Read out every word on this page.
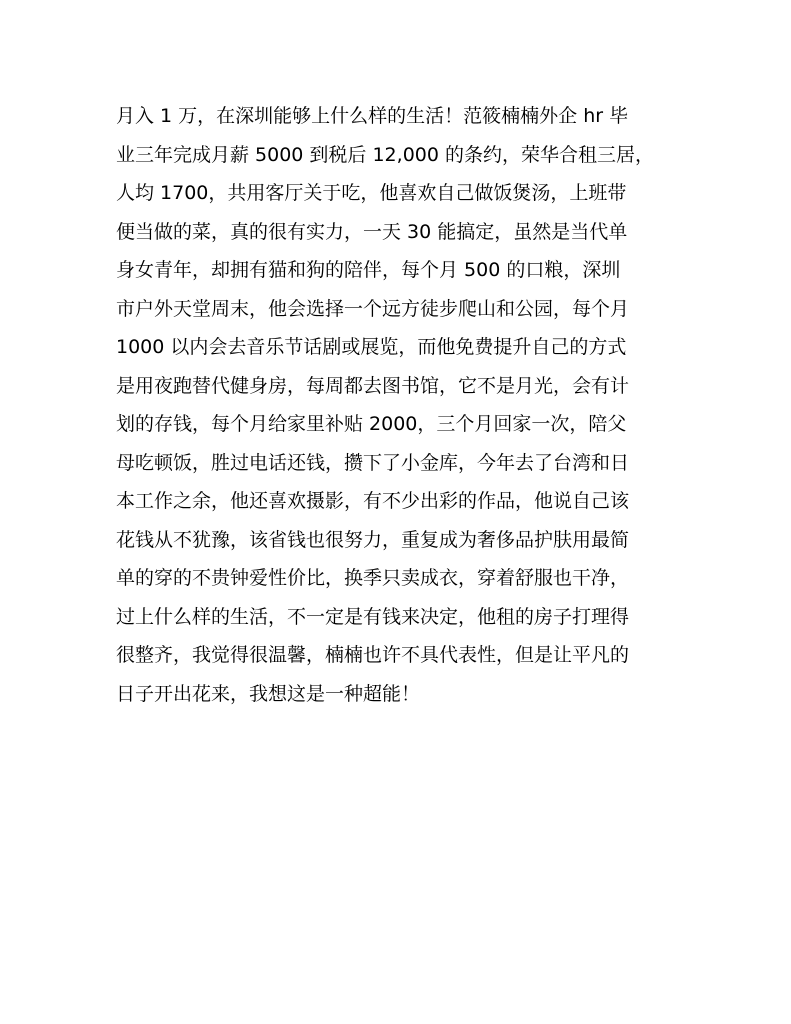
月入 1 万，在深圳能够上什么样的生活！范筱楠楠外企 hr 毕
业三年完成月薪 5000 到税后 12,000 的条约，荣华合租三居，
人均 1700，共用客厅关于吃，他喜欢自己做饭煲汤，上班带
便当做的菜，真的很有实力，一天 30 能搞定，虽然是当代单
身女青年，却拥有猫和狗的陪伴，每个月 500 的口粮，深圳
市户外天堂周末，他会选择一个远方徒步爬山和公园，每个月
1000 以内会去音乐节话剧或展览，而他免费提升自己的方式
是用夜跑替代健身房，每周都去图书馆，它不是月光，会有计
划的存钱，每个月给家里补贴 2000，三个月回家一次，陪父
母吃顿饭，胜过电话还钱，攒下了小金库，今年去了台湾和日
本工作之余，他还喜欢摄影，有不少出彩的作品，他说自己该
花钱从不犹豫，该省钱也很努力，重复成为奢侈品护肤用最简
单的穿的不贵钟爱性价比，换季只卖成衣，穿着舒服也干净，
过上什么样的生活，不一定是有钱来决定，他租的房子打理得
很整齐，我觉得很温馨，楠楠也许不具代表性，但是让平凡的
日子开出花来，我想这是一种超能！
